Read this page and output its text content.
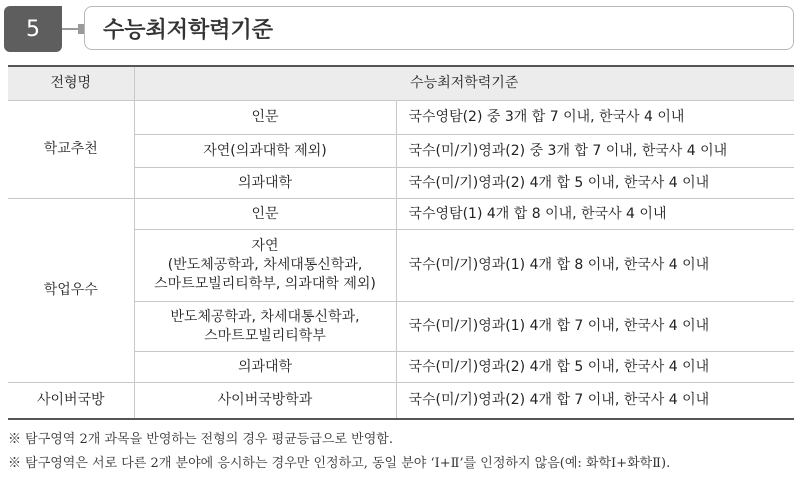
5	수능최저학력기준
전형명	수능최저학력기준	
학교추천	인문	국수영탐(2) 중 3개 합 7 이내, 한국사 4 이내
	자연(의과대학 제외)	국수(미/기)영과(2) 중 3개 합 7 이내, 한국사 4 이내
	의과대학	국수(미/기)영과(2) 4개 합 5 이내, 한국사 4 이내
학업우수	인문	국수영탐(1) 4개 합 8 이내, 한국사 4 이내

	자연
(반도체공학과, 차세대통신학과,
스마트모빌리티학부, 의과대학 제외)	국수(미/기)영과(1) 4개 합 8 이내, 한국사 4 이내

	반도체공학과, 차세대통신학과,
스마트모빌리티학부	국수(미/기)영과(1) 4개 합 7 이내, 한국사 4 이내
	의과대학	국수(미/기)영과(2) 4개 합 5 이내, 한국사 4 이내
사이버국방	사이버국방학과	국수(미/기)영과(2) 4개 합 7 이내, 한국사 4 이내
※ 탐구영역 2개 과목을 반영하는 전형의 경우 평균등급으로 반영함.
※ 탐구영역은 서로 다른 2개 분야에 응시하는 경우만 인정하고, 동일 분야 ‘Ⅰ+Ⅱ’를 인정하지 않음(예: 화학Ⅰ+화학Ⅱ).
